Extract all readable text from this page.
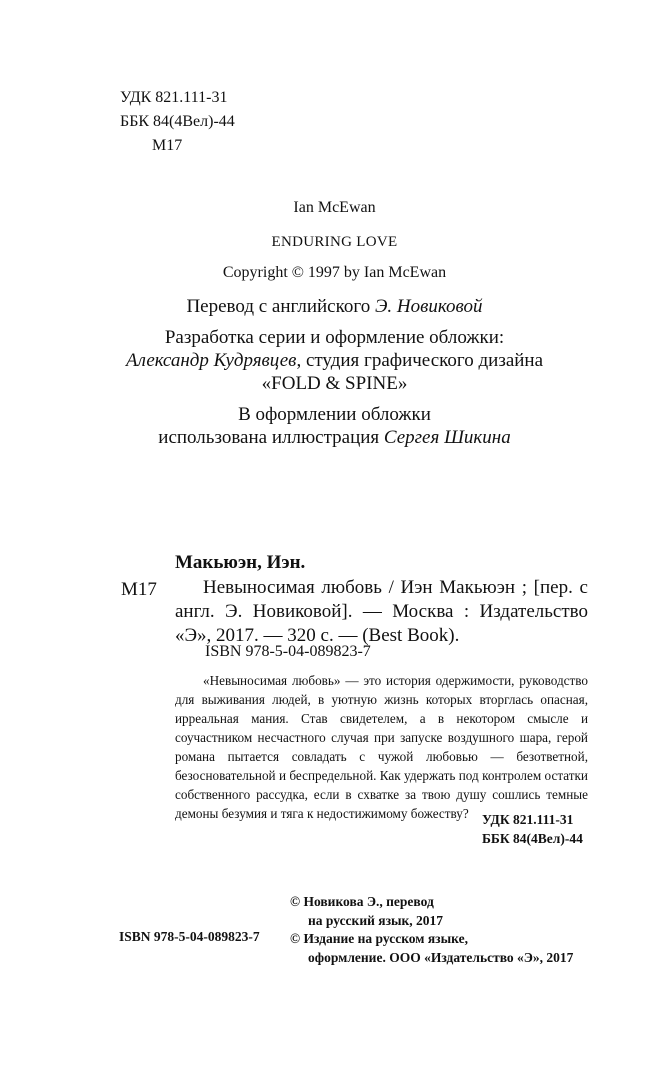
УДК 821.111-31
ББК 84(4Вел)-44
М17
Ian McEwan
ENDURING LOVE
Copyright © 1997 by Ian McEwan
Перевод с английского Э. Новиковой
Разработка серии и оформление обложки:
Александр Кудрявцев, студия графического дизайна
«FOLD & SPINE»
В оформлении обложки
использована иллюстрация Сергея Шикина
Макьюэн, Иэн.
М17	Невыносимая любовь / Иэн Макьюэн ; [пер. с англ. Э. Новиковой]. — Москва : Издательство «Э», 2017. — 320 с. — (Best Book).
ISBN 978-5-04-089823-7
«Невыносимая любовь» — это история одержимости, руководство для выживания людей, в уютную жизнь которых вторглась опасная, ирреальная мания. Став свидетелем, а в некотором смысле и соучастником несчастного случая при запуске воздушного шара, герой романа пытается совладать с чужой любовью — безответной, безосновательной и беспредельной. Как удержать под контролем остатки собственного рассудка, если в схватке за твою душу сошлись темные демоны безумия и тяга к недостижимому божеству? УДК 821.111-31
ББК 84(4Вел)-44
© Новикова Э., перевод
на русский язык, 2017
© Издание на русском языке,
оформление. ООО «Издательство «Э», 2017
ISBN 978-5-04-089823-7
